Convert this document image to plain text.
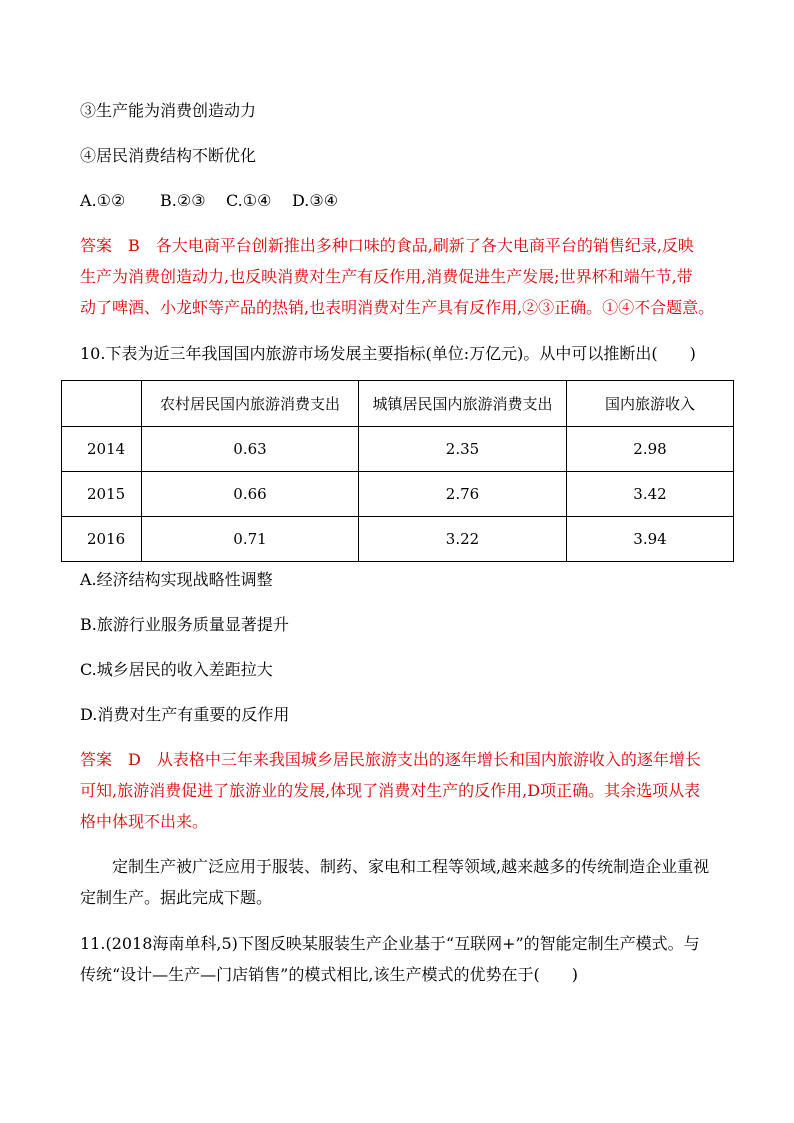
③生产能为消费创造动力
④居民消费结构不断优化
A.①② B.②③ C.①④ D.③④
答案　B　各大电商平台创新推出多种口味的食品,刷新了各大电商平台的销售纪录,反映
生产为消费创造动力,也反映消费对生产有反作用,消费促进生产发展;世界杯和端午节,带
动了啤酒、小龙虾等产品的热销,也表明消费对生产具有反作用,②③正确。①④不合题意。
10.下表为近三年我国国内旅游市场发展主要指标(单位:万亿元)。从中可以推断出(　　)
	农村居民国内旅游消费支出	城镇居民国内旅游消费支出	国内旅游收入
2014	0.63	2.35	2.98
2015	0.66	2.76	3.42
2016	0.71	3.22	3.94
A.经济结构实现战略性调整
B.旅游行业服务质量显著提升
C.城乡居民的收入差距拉大
D.消费对生产有重要的反作用
答案　D　从表格中三年来我国城乡居民旅游支出的逐年增长和国内旅游收入的逐年增长
可知,旅游消费促进了旅游业的发展,体现了消费对生产的反作用,D项正确。其余选项从表
格中体现不出来。
　　定制生产被广泛应用于服装、制药、家电和工程等领域,越来越多的传统制造企业重视
定制生产。据此完成下题。
11.(2018海南单科,5)下图反映某服装生产企业基于“互联网+”的智能定制生产模式。与
传统“设计—生产—门店销售”的模式相比,该生产模式的优势在于(　　)
